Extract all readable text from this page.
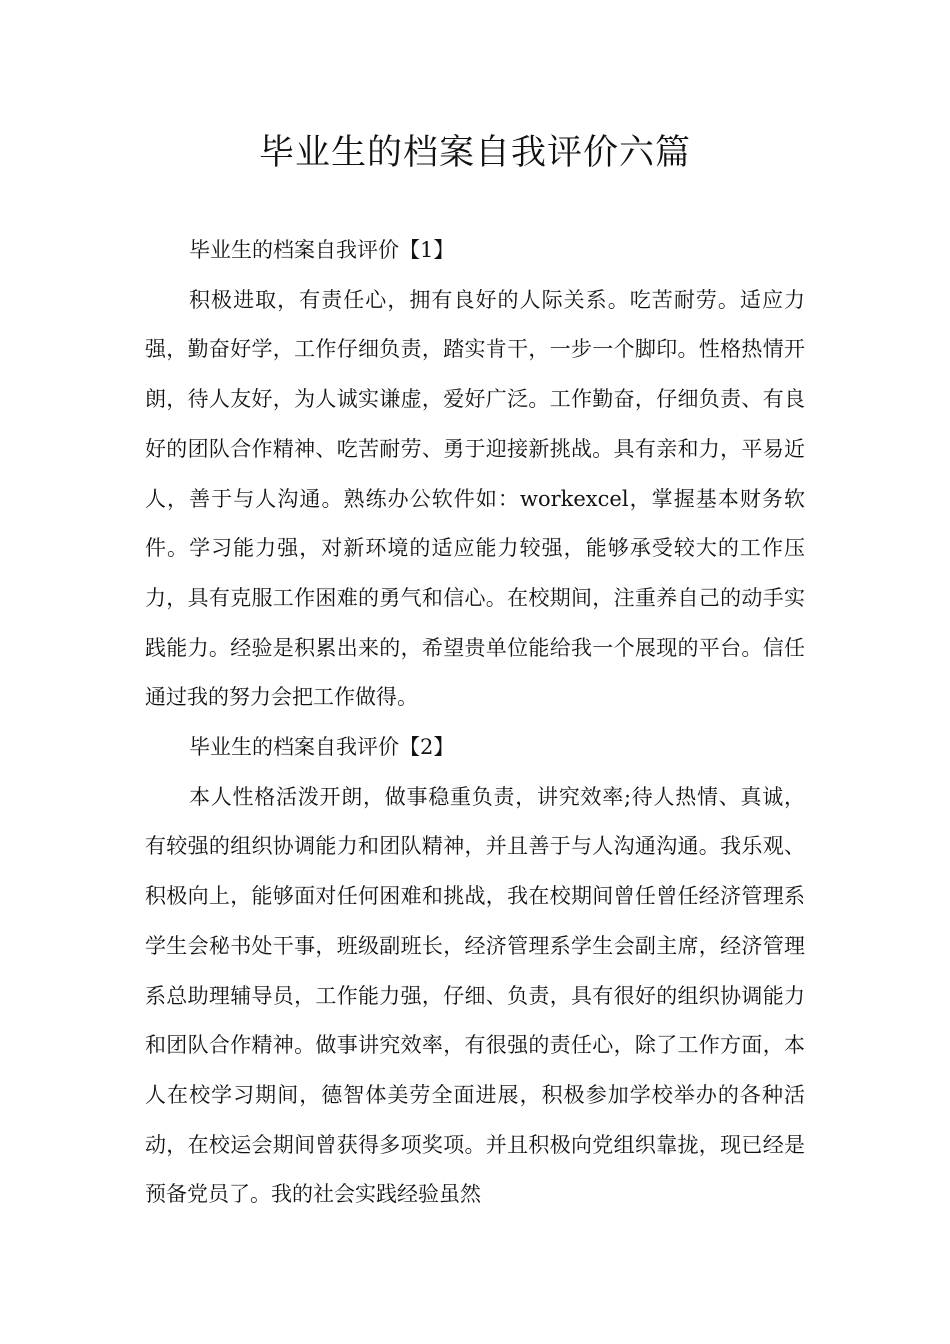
毕业生的档案自我评价六篇
毕业生的档案自我评价【1】

积极进取，有责任心，拥有良好的人际关系。吃苦耐劳。适应力强，勤奋好学，工作仔细负责，踏实肯干，一步一个脚印。性格热情开朗，待人友好，为人诚实谦虚，爱好广泛。工作勤奋，仔细负责、有良好的团队合作精神、吃苦耐劳、勇于迎接新挑战。具有亲和力，平易近人，善于与人沟通。熟练办公软件如：workexcel，掌握基本财务软件。学习能力强，对新环境的适应能力较强，能够承受较大的工作压力，具有克服工作困难的勇气和信心。在校期间，注重养自己的动手实践能力。经验是积累出来的，希望贵单位能给我一个展现的平台。信任通过我的努力会把工作做得。

毕业生的档案自我评价【2】

本人性格活泼开朗，做事稳重负责，讲究效率;待人热情、真诚，有较强的组织协调能力和团队精神，并且善于与人沟通沟通。我乐观、积极向上，能够面对任何困难和挑战，我在校期间曾任曾任经济管理系学生会秘书处干事，班级副班长，经济管理系学生会副主席，经济管理系总助理辅导员，工作能力强，仔细、负责，具有很好的组织协调能力和团队合作精神。做事讲究效率，有很强的责任心，除了工作方面，本人在校学习期间，德智体美劳全面进展，积极参加学校举办的各种活动，在校运会期间曾获得多项奖项。并且积极向党组织靠拢，现已经是预备党员了。我的社会实践经验虽然
